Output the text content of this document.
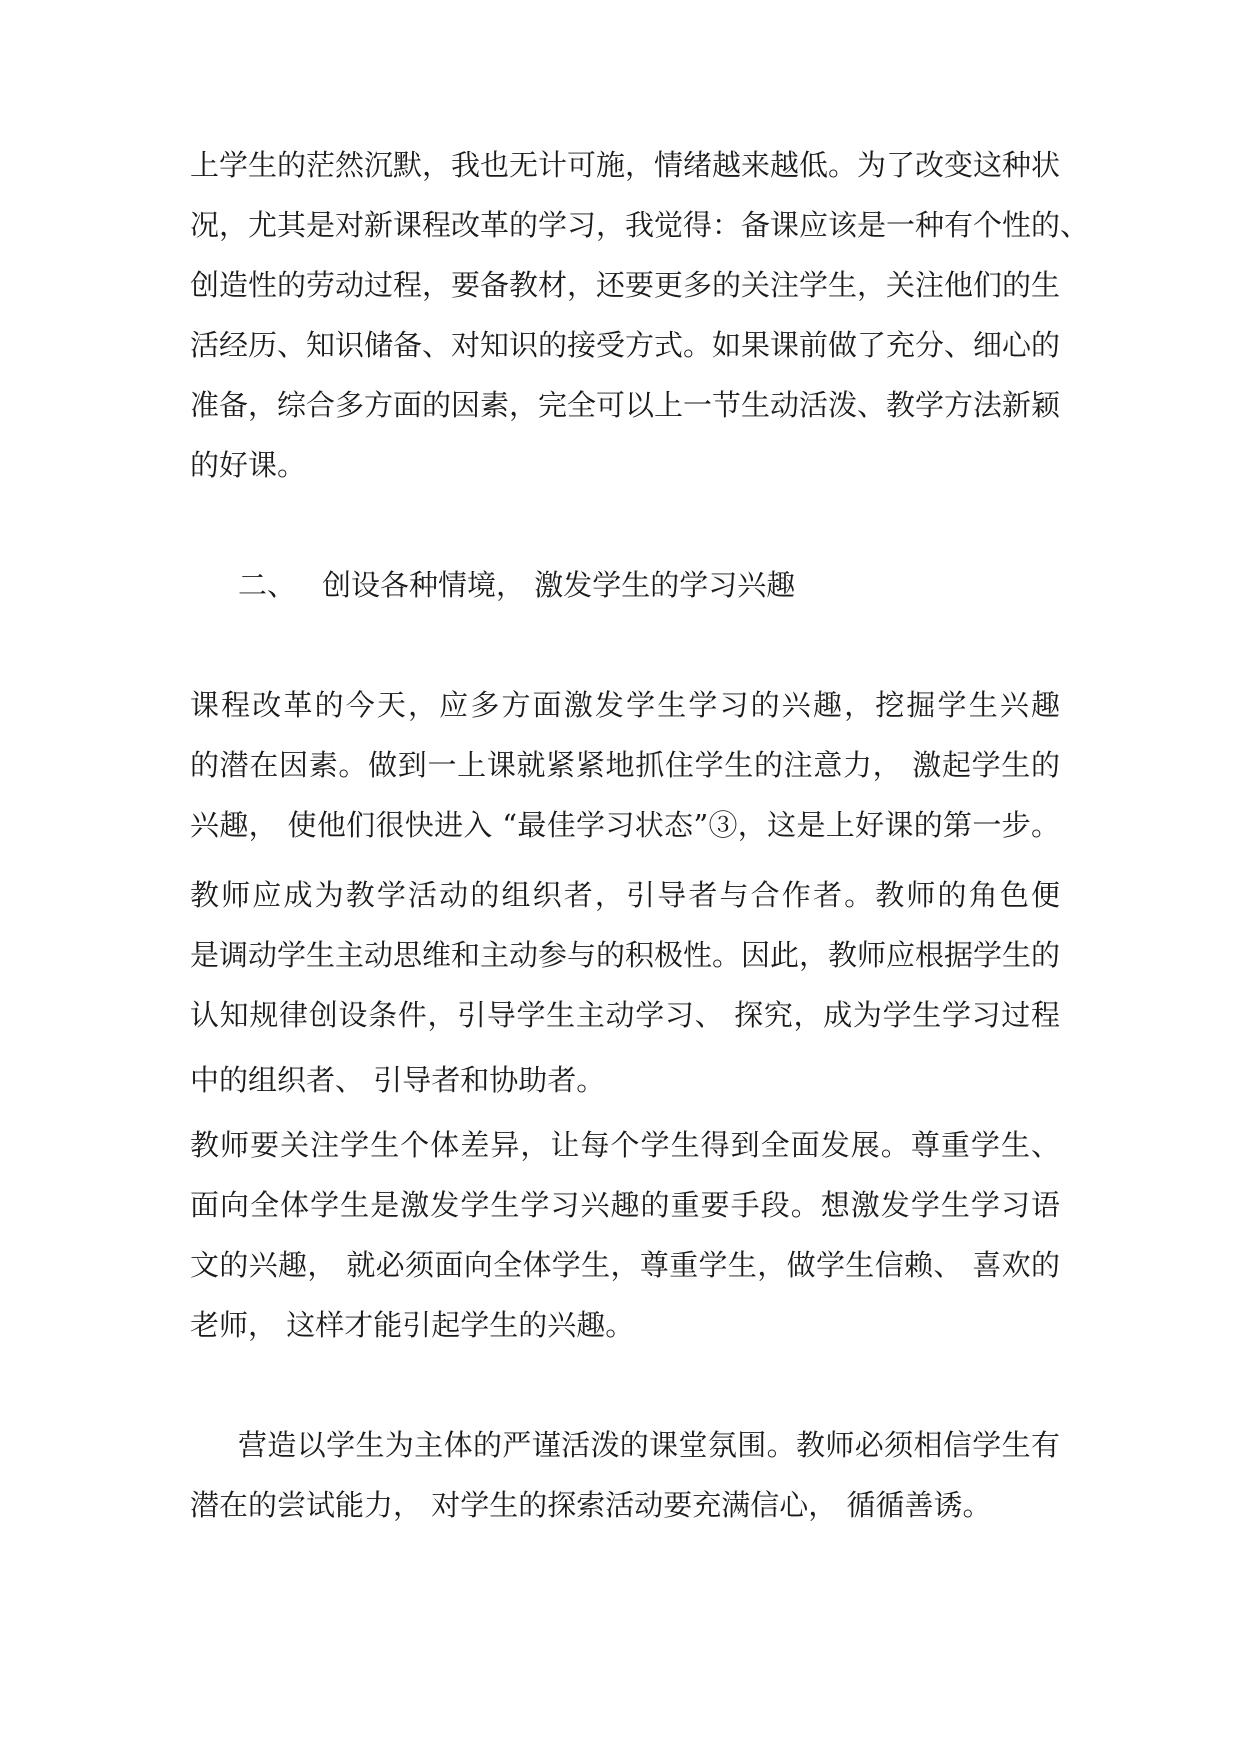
上学生的茫然沉默，我也无计可施，情绪越来越低。为了改变这种状
况，尤其是对新课程改革的学习，我觉得：备课应该是一种有个性的、
创造性的劳动过程，要备教材，还要更多的关注学生，关注他们的生
活经历、知识储备、对知识的接受方式。如果课前做了充分、细心的
准备，综合多方面的因素，完全可以上一节生动活泼、教学方法新颖
的好课。
二、 创设各种情境， 激发学生的学习兴趣
课程改革的今天，应多方面激发学生学习的兴趣，挖掘学生兴趣
的潜在因素。做到一上课就紧紧地抓住学生的注意力， 激起学生的
兴趣， 使他们很快进入 “最佳学习状态”③，这是上好课的第一步。
教师应成为教学活动的组织者，引导者与合作者。教师的角色便
是调动学生主动思维和主动参与的积极性。因此，教师应根据学生的
认知规律创设条件，引导学生主动学习、 探究，成为学生学习过程
中的组织者、 引导者和协助者。
教师要关注学生个体差异，让每个学生得到全面发展。尊重学生、
面向全体学生是激发学生学习兴趣的重要手段。想激发学生学习语
文的兴趣， 就必须面向全体学生，尊重学生，做学生信赖、 喜欢的
老师， 这样才能引起学生的兴趣。
营造以学生为主体的严谨活泼的课堂氛围。教师必须相信学生有
潜在的尝试能力， 对学生的探索活动要充满信心， 循循善诱。
